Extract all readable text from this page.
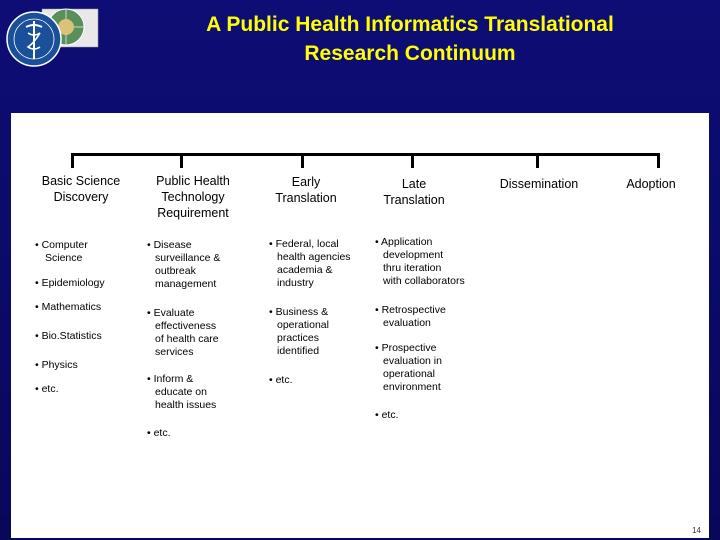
A Public Health Informatics Translational
Research Continuum
Basic Science
Discovery
Public Health
Technology
Requirement
Early
Translation
Late
Translation
Dissemination	Adoption
• Computer
Science
• Epidemiology
• Mathematics
• Bio.Statistics
• Physics
• etc.
• Disease
surveillance &
outbreak
management
• Evaluate
effectiveness
of health care
services
• Inform &
educate on
health issues
• etc.
• Federal, local
health agencies
academia &
industry
• Business &
operational
practices
identified
• etc.
• Application
development
thru iteration
with collaborators
• Retrospective
evaluation
• Prospective
evaluation in
operational
environment
• etc.
14
